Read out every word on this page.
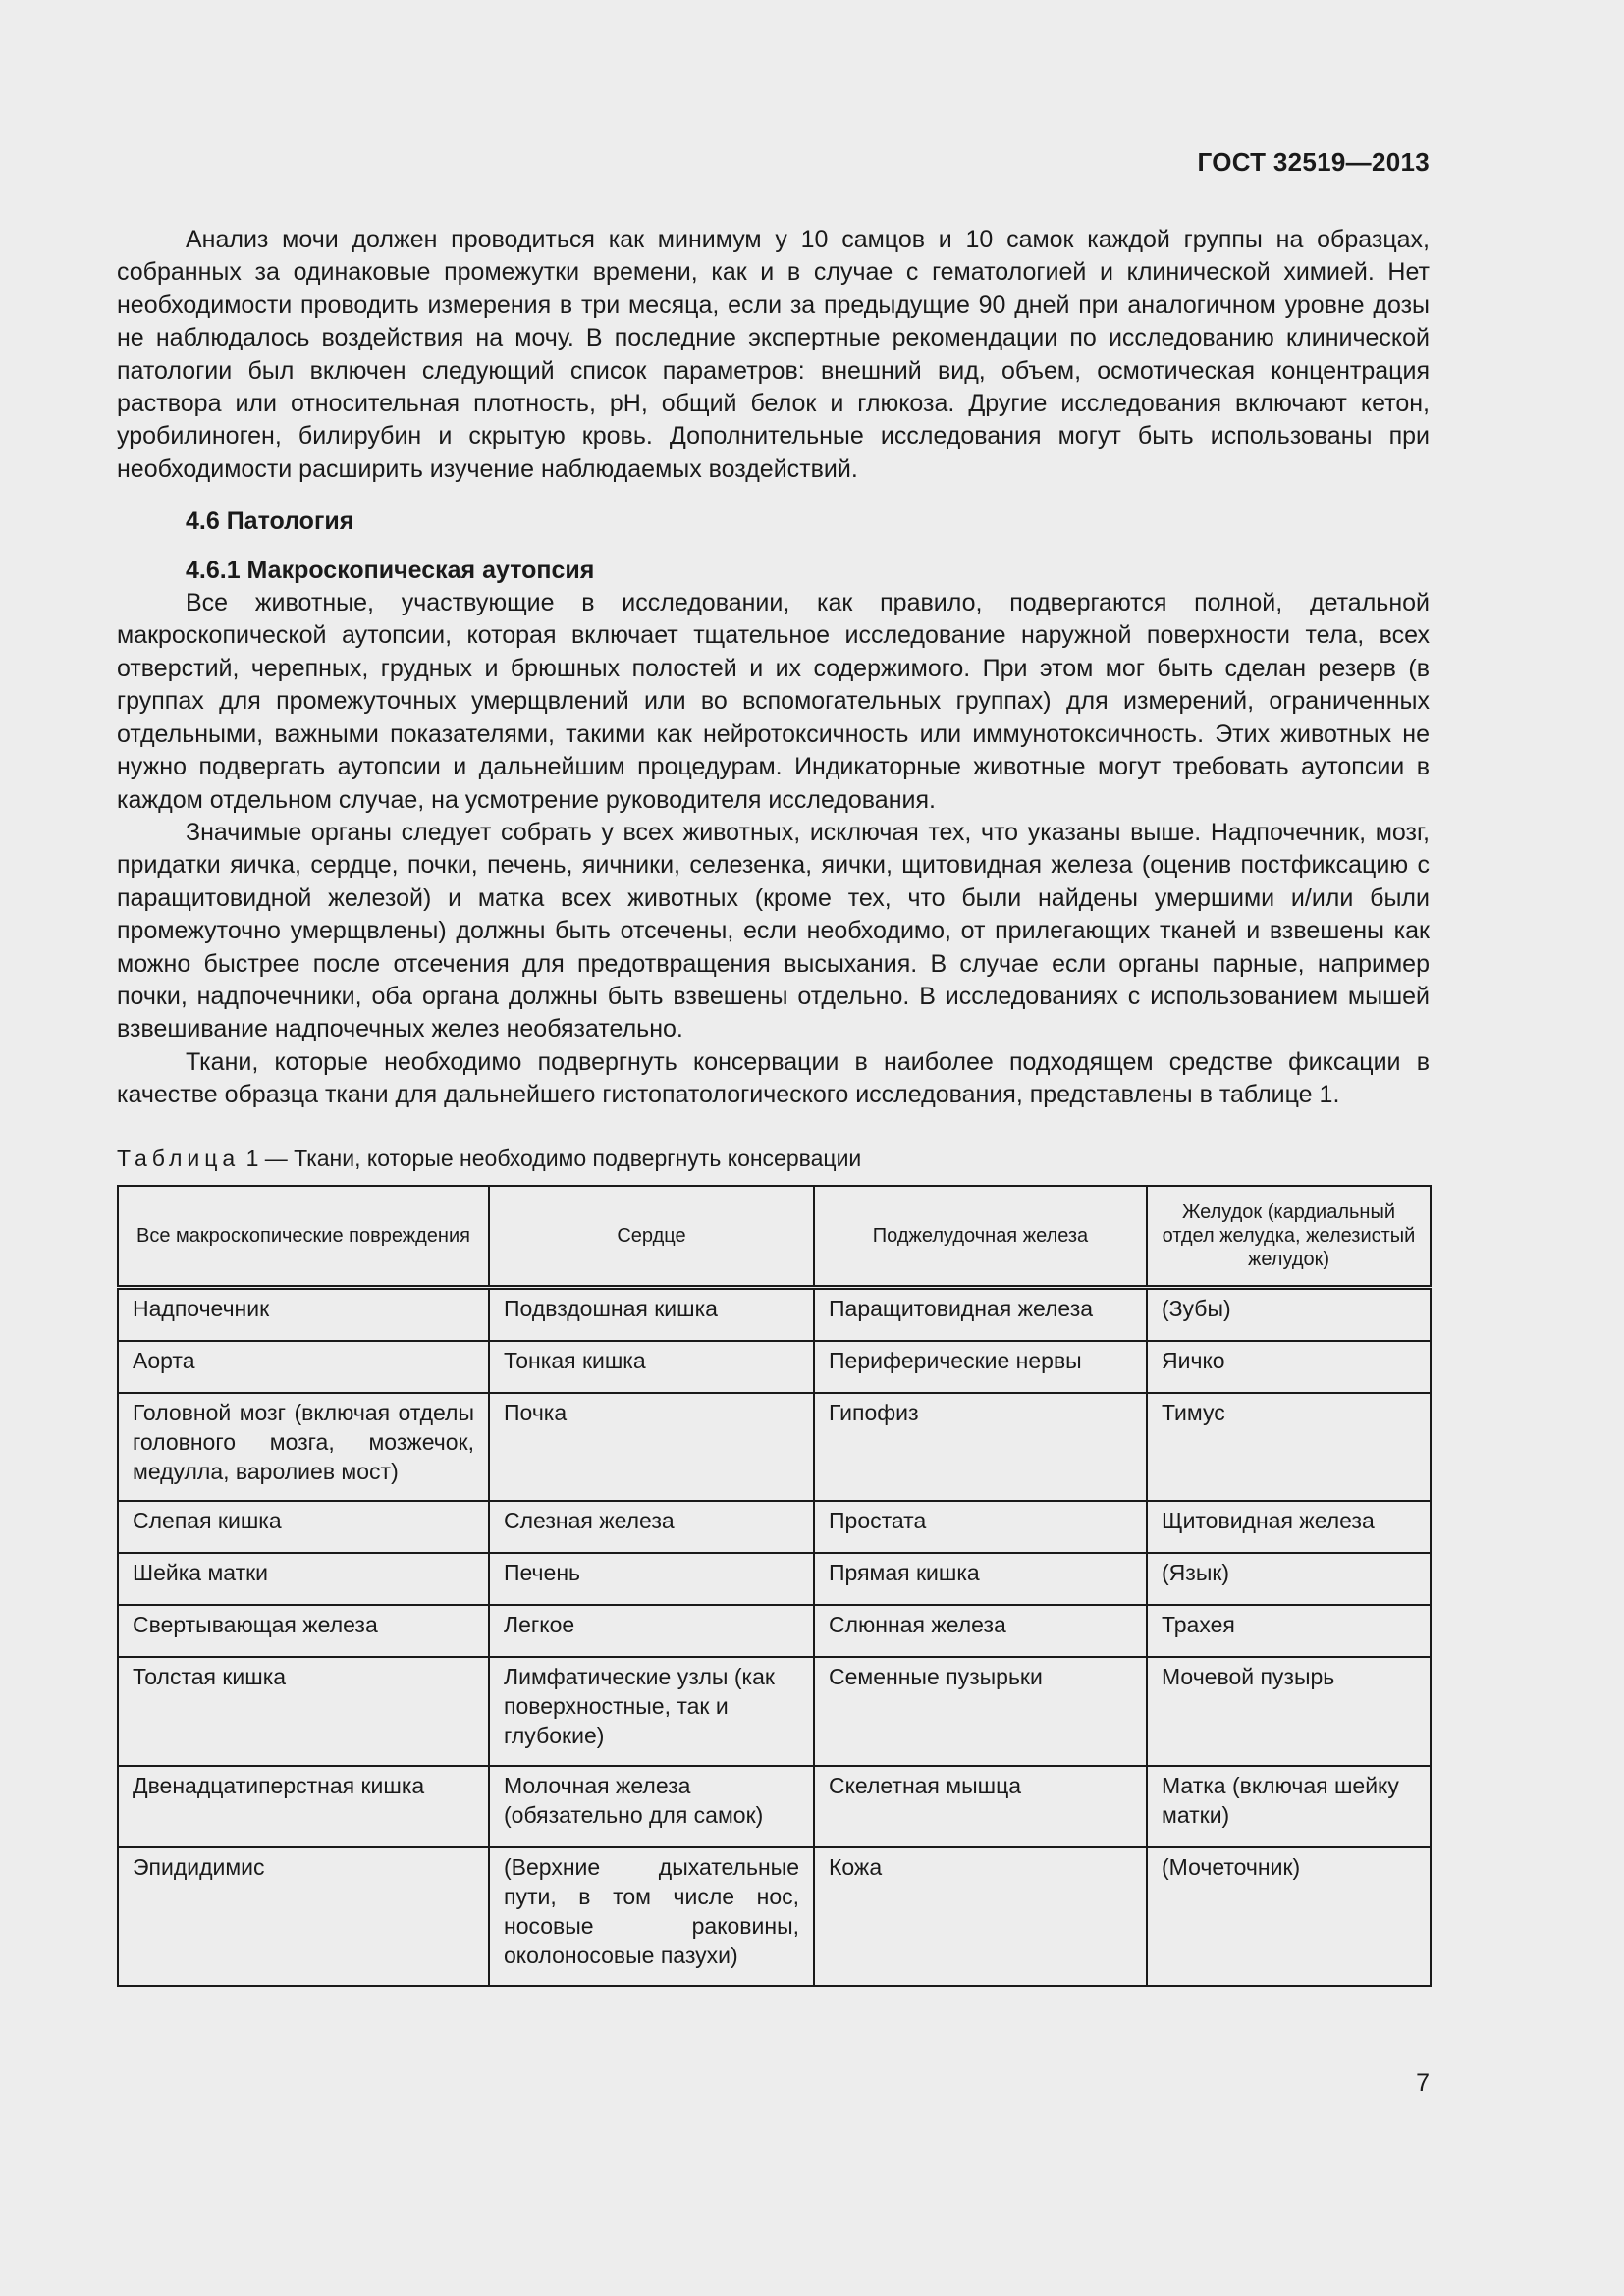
ГОСТ 32519—2013

Анализ мочи должен проводиться как минимум у 10 самцов и 10 самок каждой группы на образцах, собранных за одинаковые промежутки времени, как и в случае с гематологией и клинической химией. Нет необходимости проводить измерения в три месяца, если за предыдущие 90 дней при аналогичном уровне дозы не наблюдалось воздействия на мочу. В последние экспертные рекомендации по исследованию клинической патологии был включен следующий список параметров: внешний вид, объем, осмотическая концентрация раствора или относительная плотность, pH, общий белок и глюкоза. Другие исследования включают кетон, уробилиноген, билирубин и скрытую кровь. Дополнительные исследования могут быть использованы при необходимости расширить изучение наблюдаемых воздействий.

4.6 Патология
4.6.1 Макроскопическая аутопсия

Все животные, участвующие в исследовании, как правило, подвергаются полной, детальной макроскопической аутопсии, которая включает тщательное исследование наружной поверхности тела, всех отверстий, черепных, грудных и брюшных полостей и их содержимого. При этом мог быть сделан резерв (в группах для промежуточных умерщвлений или во вспомогательных группах) для измерений, ограниченных отдельными, важными показателями, такими как нейротоксичность или иммунотоксичность. Этих животных не нужно подвергать аутопсии и дальнейшим процедурам. Индикаторные животные могут требовать аутопсии в каждом отдельном случае, на усмотрение руководителя исследования.

Значимые органы следует собрать у всех животных, исключая тех, что указаны выше. Надпочечник, мозг, придатки яичка, сердце, почки, печень, яичники, селезенка, яички, щитовидная железа (оценив постфиксацию с паращитовидной железой) и матка всех животных (кроме тех, что были найдены умершими и/или были промежуточно умерщвлены) должны быть отсечены, если необходимо, от прилегающих тканей и взвешены как можно быстрее после отсечения для предотвращения высыхания. В случае если органы парные, например почки, надпочечники, оба органа должны быть взвешены отдельно. В исследованиях с использованием мышей взвешивание надпочечных желез необязательно.

Ткани, которые необходимо подвергнуть консервации в наиболее подходящем средстве фиксации в качестве образца ткани для дальнейшего гистопатологического исследования, представлены в таблице 1.

Таблица 1 — Ткани, которые необходимо подвергнуть консервации
Все макроскопические повреждения	Сердце	Поджелудочная железа	Желудок (кардиальный отдел желудка, железистый желудок)
Надпочечник	Подвздошная кишка	Паращитовидная железа	(Зубы)
Аорта	Тонкая кишка	Периферические нервы	Яичко
Головной мозг (включая отделы головного мозга, мозжечок, медулла, варолиев мост)	Почка	Гипофиз	Тимус
Слепая кишка	Слезная железа	Простата	Щитовидная железа
Шейка матки	Печень	Прямая кишка	(Язык)
Свертывающая железа	Легкое	Слюнная железа	Трахея
Толстая кишка	Лимфатические узлы (как поверхностные, так и глубокие)	Семенные пузырьки	Мочевой пузырь
Двенадцатиперстная кишка	Молочная железа (обязательно для самок)	Скелетная мышца	Матка (включая шейку матки)
Эпидидимис	(Верхние дыхательные пути, в том числе нос, носовые раковины, околоносовые пазухи)	Кожа	(Мочеточник)
7
